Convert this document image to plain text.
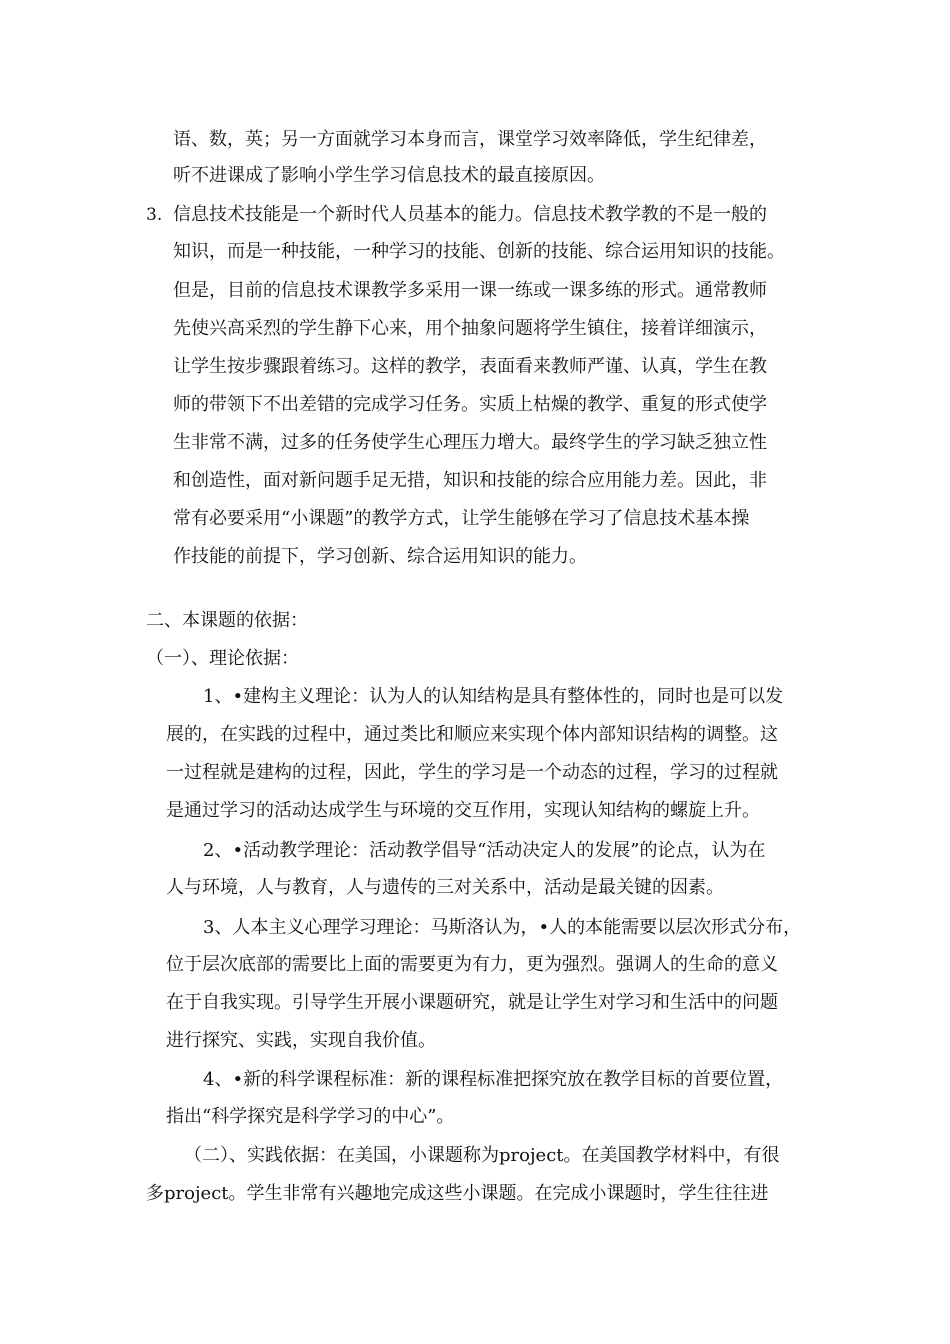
语、数，英；另一方面就学习本身而言，课堂学习效率降低，学生纪律差，
听不进课成了影响小学生学习信息技术的最直接原因。
3. 信息技术技能是一个新时代人员基本的能力。信息技术教学教的不是一般的
知识，而是一种技能，一种学习的技能、创新的技能、综合运用知识的技能。
但是，目前的信息技术课教学多采用一课一练或一课多练的形式。通常教师
先使兴高采烈的学生静下心来，用个抽象问题将学生镇住，接着详细演示，
让学生按步骤跟着练习。这样的教学，表面看来教师严谨、认真，学生在教
师的带领下不出差错的完成学习任务。实质上枯燥的教学、重复的形式使学
生非常不满，过多的任务使学生心理压力增大。最终学生的学习缺乏独立性
和创造性，面对新问题手足无措，知识和技能的综合应用能力差。因此，非
常有必要采用“小课题”的教学方式，让学生能够在学习了信息技术基本操
作技能的前提下，学习创新、综合运用知识的能力。
二、本课题的依据：
（一）、理论依据：
1、•建构主义理论：认为人的认知结构是具有整体性的，同时也是可以发
展的，在实践的过程中，通过类比和顺应来实现个体内部知识结构的调整。这
一过程就是建构的过程，因此，学生的学习是一个动态的过程，学习的过程就
是通过学习的活动达成学生与环境的交互作用，实现认知结构的螺旋上升。
2、•活动教学理论：活动教学倡导“活动决定人的发展”的论点，认为在
人与环境，人与教育，人与遗传的三对关系中，活动是最关键的因素。
3、人本主义心理学习理论：马斯洛认为，•人的本能需要以层次形式分布，
位于层次底部的需要比上面的需要更为有力，更为强烈。强调人的生命的意义
在于自我实现。引导学生开展小课题研究，就是让学生对学习和生活中的问题
进行探究、实践，实现自我价值。
4、•新的科学课程标准：新的课程标准把探究放在教学目标的首要位置，
指出“科学探究是科学学习的中心”。
（二）、实践依据：在美国，小课题称为project。在美国教学材料中，有很
多project。学生非常有兴趣地完成这些小课题。在完成小课题时，学生往往进
